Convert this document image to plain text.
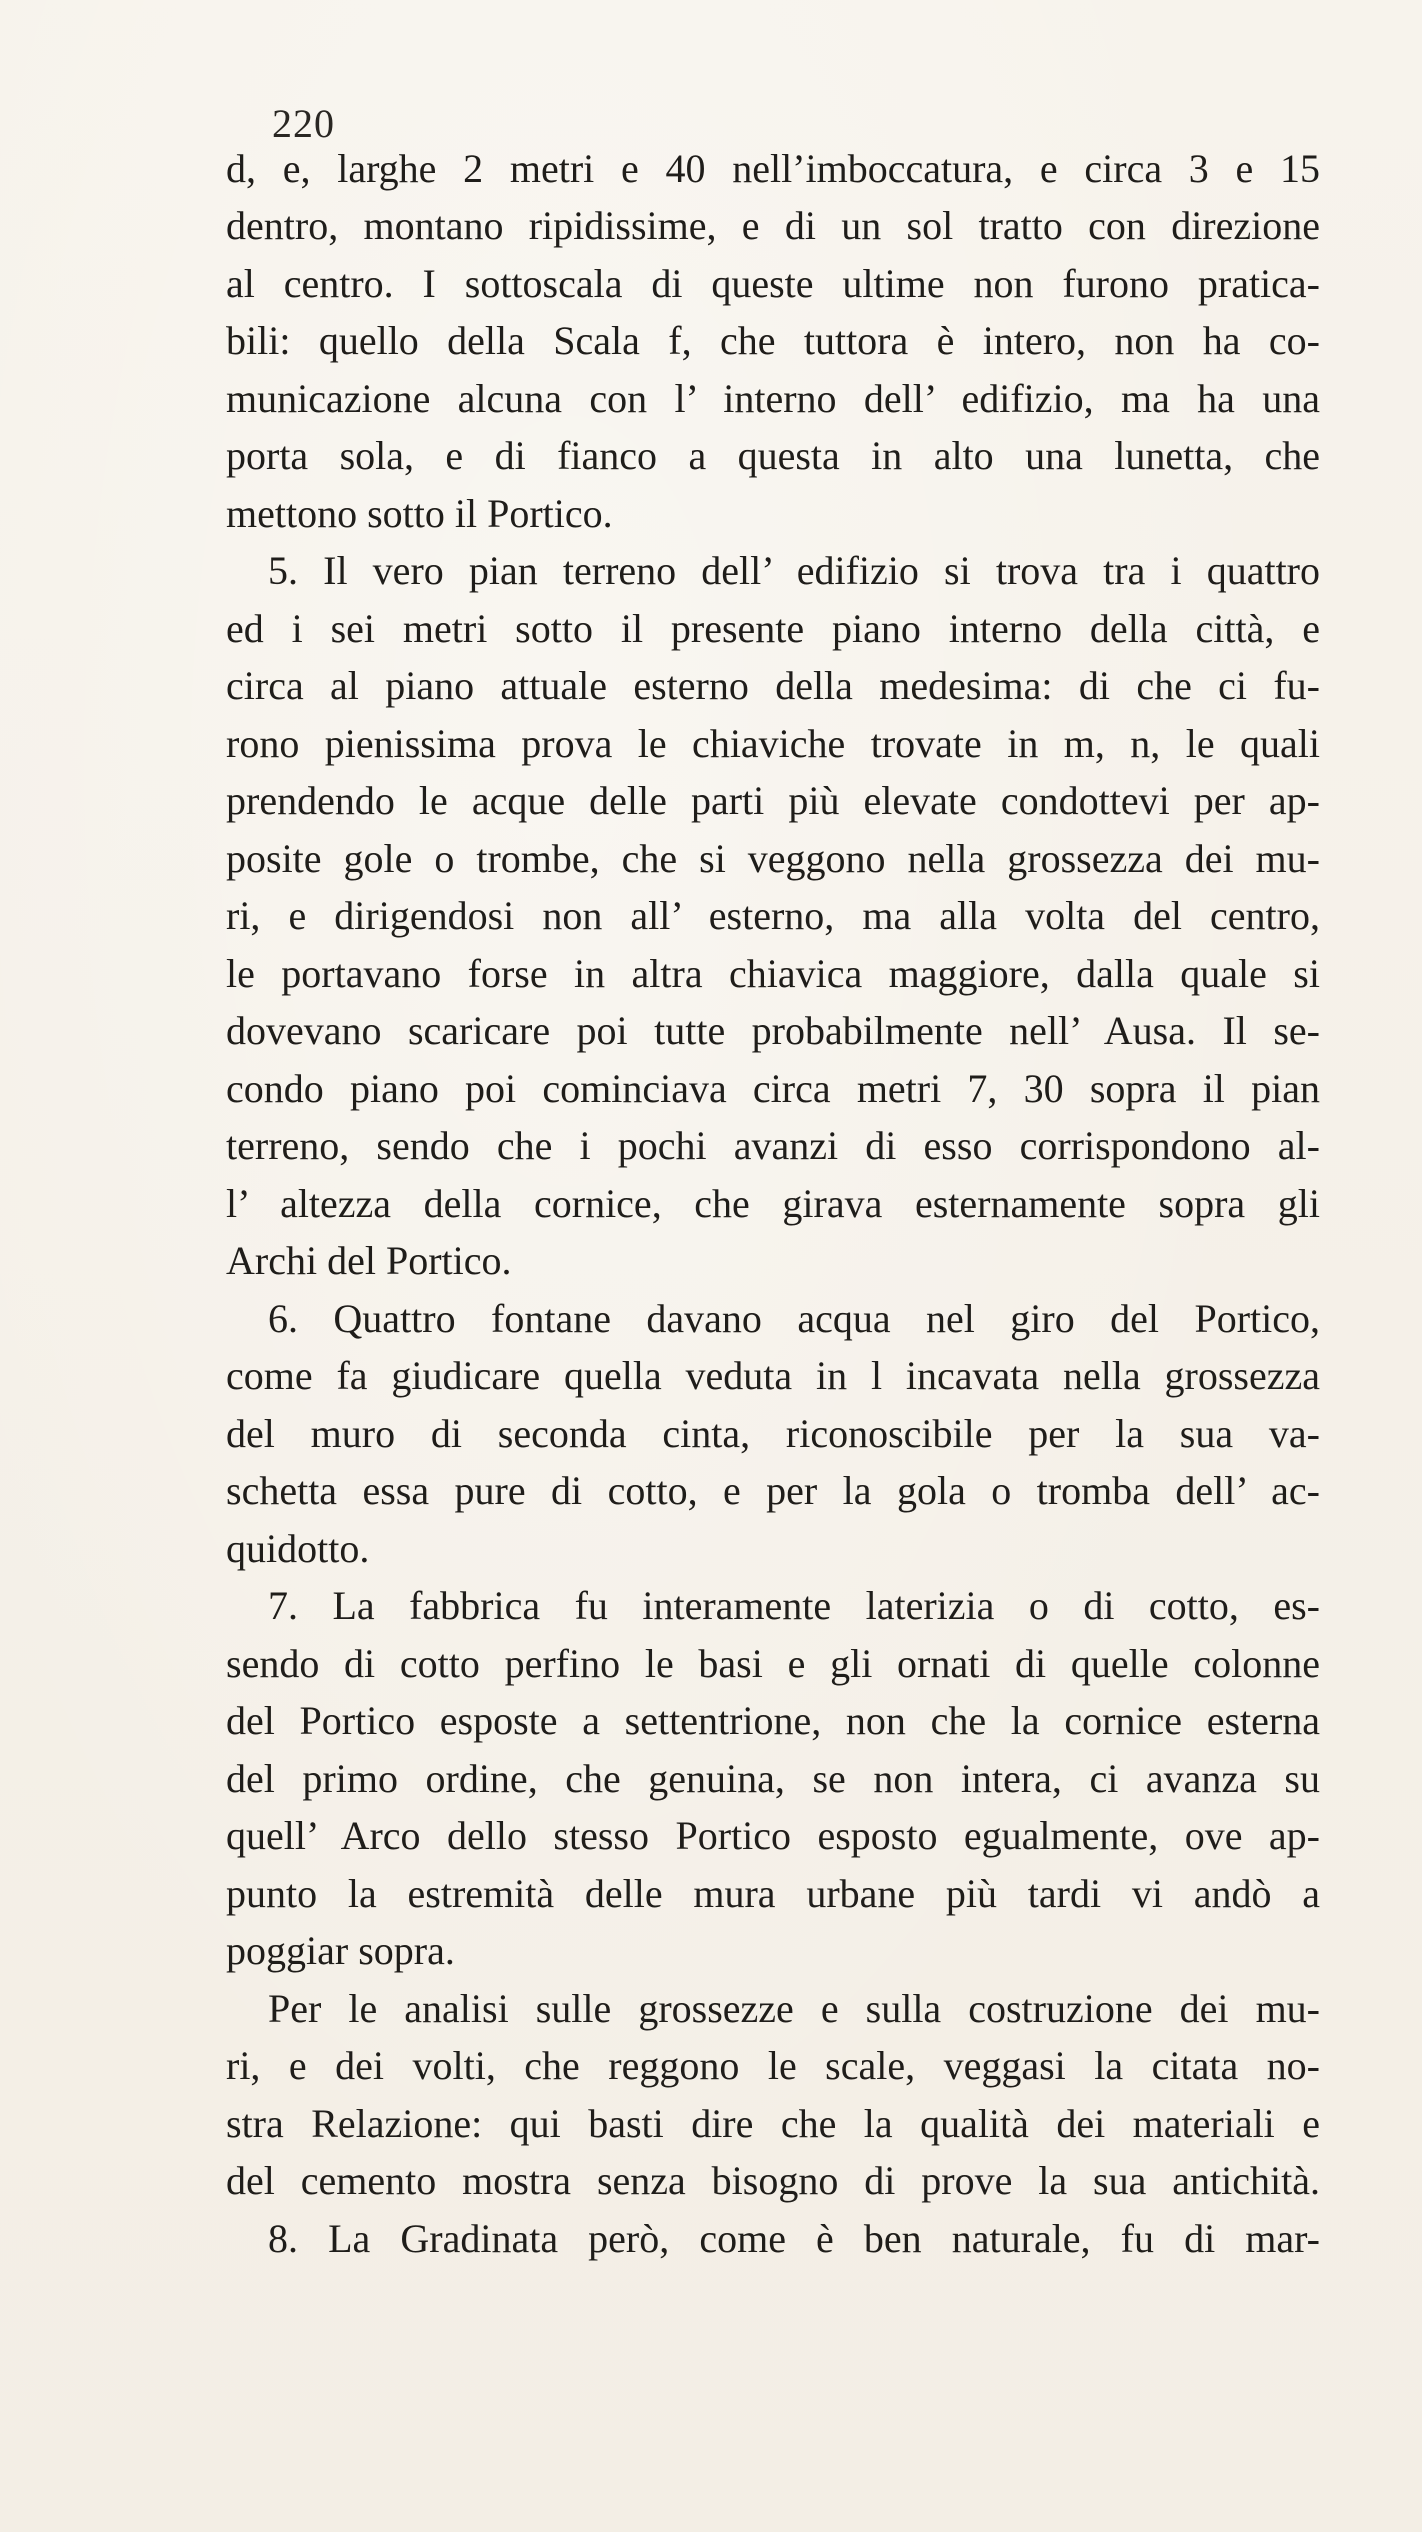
220
d, e, larghe 2 metri e 40 nell’imboccatura, e circa 3 e 15
dentro, montano ripidissime, e di un sol tratto con direzione
al centro. I sottoscala di queste ultime non furono pratica-
bili: quello della Scala f, che tuttora è intero, non ha co-
municazione alcuna con l’ interno dell’ edifizio, ma ha una
porta sola, e di fianco a questa in alto una lunetta, che
mettono sotto il Portico.
5. Il vero pian terreno dell’ edifizio si trova tra i quattro
ed i sei metri sotto il presente piano interno della città, e
circa al piano attuale esterno della medesima: di che ci fu-
rono pienissima prova le chiaviche trovate in m, n, le quali
prendendo le acque delle parti più elevate condottevi per ap-
posite gole o trombe, che si veggono nella grossezza dei mu-
ri, e dirigendosi non all’ esterno, ma alla volta del centro,
le portavano forse in altra chiavica maggiore, dalla quale si
dovevano scaricare poi tutte probabilmente nell’ Ausa. Il se-
condo piano poi cominciava circa metri 7, 30 sopra il pian
terreno, sendo che i pochi avanzi di esso corrispondono al-
l’ altezza della cornice, che girava esternamente sopra gli
Archi del Portico.
6. Quattro fontane davano acqua nel giro del Portico,
come fa giudicare quella veduta in l incavata nella grossezza
del muro di seconda cinta, riconoscibile per la sua va-
schetta essa pure di cotto, e per la gola o tromba dell’ ac-
quidotto.
7. La fabbrica fu interamente laterizia o di cotto, es-
sendo di cotto perfino le basi e gli ornati di quelle colonne
del Portico esposte a settentrione, non che la cornice esterna
del primo ordine, che genuina, se non intera, ci avanza su
quell’ Arco dello stesso Portico esposto egualmente, ove ap-
punto la estremità delle mura urbane più tardi vi andò a
poggiar sopra.
Per le analisi sulle grossezze e sulla costruzione dei mu-
ri, e dei volti, che reggono le scale, veggasi la citata no-
stra Relazione: qui basti dire che la qualità dei materiali e
del cemento mostra senza bisogno di prove la sua antichità.
8. La Gradinata però, come è ben naturale, fu di mar-
